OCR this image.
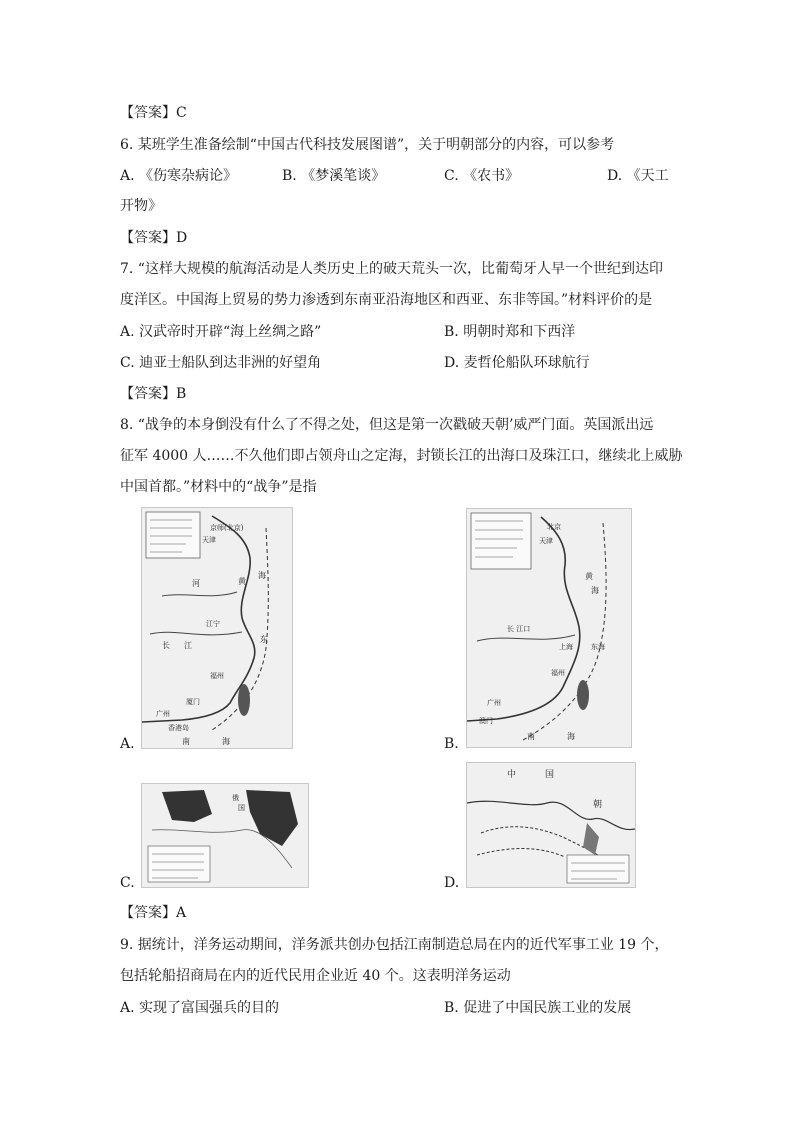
【答案】C
6. 某班学生准备绘制“中国古代科技发展图谱”，关于明朝部分的内容，可以参考
A. 《伤寒杂病论》	B. 《梦溪笔谈》	C. 《农书》	D. 《天工
开物》
【答案】D
7. “这样大规模的航海活动是人类历史上的破天荒头一次，比葡萄牙人早一个世纪到达印
度洋区。中国海上贸易的势力渗透到东南亚沿海地区和西亚、东非等国。”材料评价的是
A. 汉武帝时开辟“海上丝绸之路”	B. 明朝时郑和下西洋
C. 迪亚士船队到达非洲的好望角	D. 麦哲伦船队环球航行
【答案】B
8. “战争的本身倒没有什么了不得之处，但这是第一次戳破天朝’威严门面。英国派出远
征军 4000 人……不久他们即占领舟山之定海，封锁长江的出海口及珠江口，继续北上威胁
中国首都。”材料中的“战争”是指
京师(北京)
天津
黄
海
河
江宁
长 江
东
福州
厦门
广州
香港岛
南	海
A.
北京
天津
黄
海
长 江口
上海	东海
福州
广州
澳门
南	海
B.
俄
国
C.
中	国
朝
D.
【答案】A
9. 据统计，洋务运动期间，洋务派共创办包括江南制造总局在内的近代军事工业 19 个，
包括轮船招商局在内的近代民用企业近 40 个。这表明洋务运动
A. 实现了富国强兵的目的	B. 促进了中国民族工业的发展
